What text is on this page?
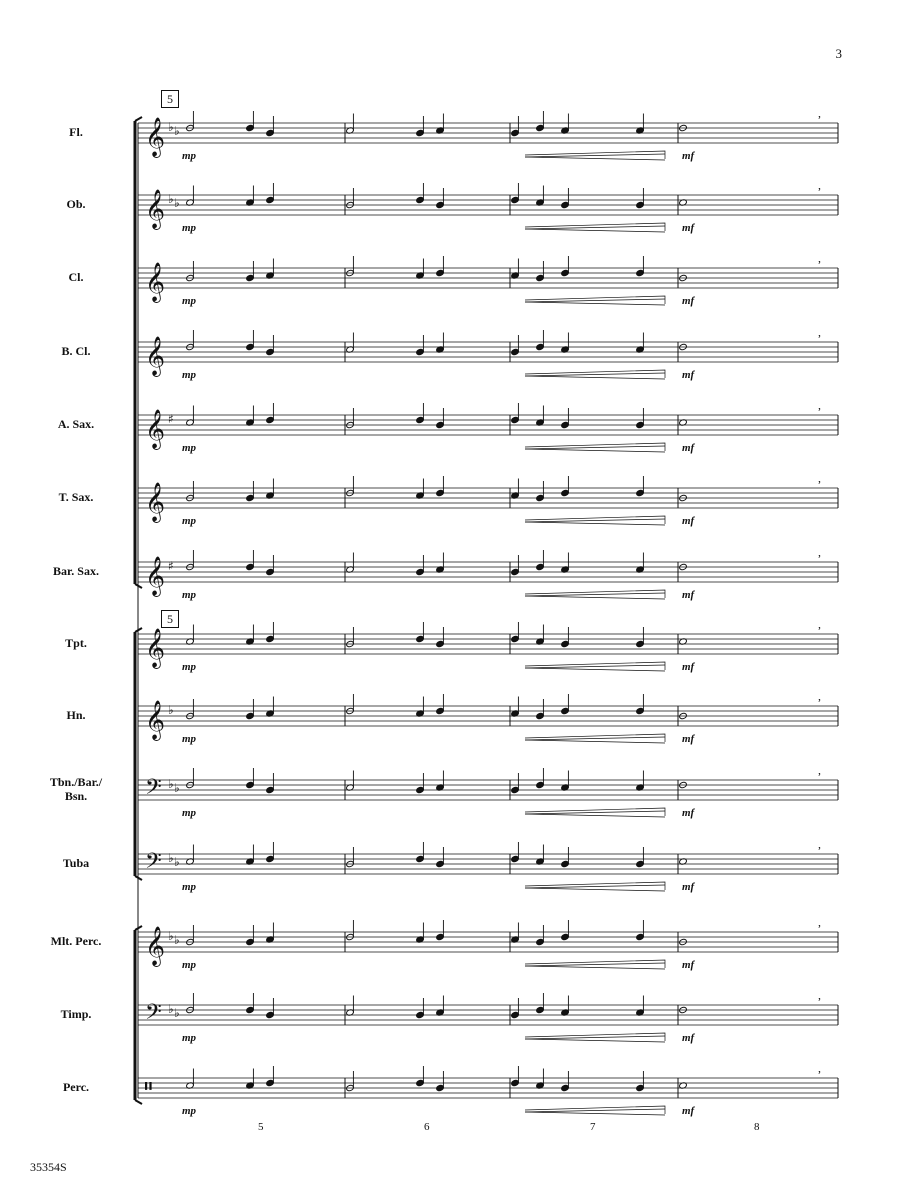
3
35354S
𝄞 ♭ ♭
mp	mf
,
𝄞 ♭ ♭
mp	mf
,
𝄞 mp	mf
,
𝄞 mp	mf
,
𝄞 ♯
mp	mf
,
𝄞 mp	mf
,
𝄞 ♯
mp	mf
,
𝄞 mp	mf
,
𝄞 ♭
mp	mf
,
𝄢 ♭ ♭
mp	mf
,
𝄢 ♭ ♭
mp	mf
,
𝄞 ♭ ♭
mp	mf
,
𝄢 ♭ ♭
mp	mf
,
𝄥
mp	mf
,
Fl.
Ob.
Cl.
B. Cl.
A. Sax.
T. Sax.
Bar. Sax.
Tpt.
Hn.
Tbn./Bar./
Bsn.
Tuba
Mlt. Perc.
Timp.
Perc.
5	6	7	8
5
5
